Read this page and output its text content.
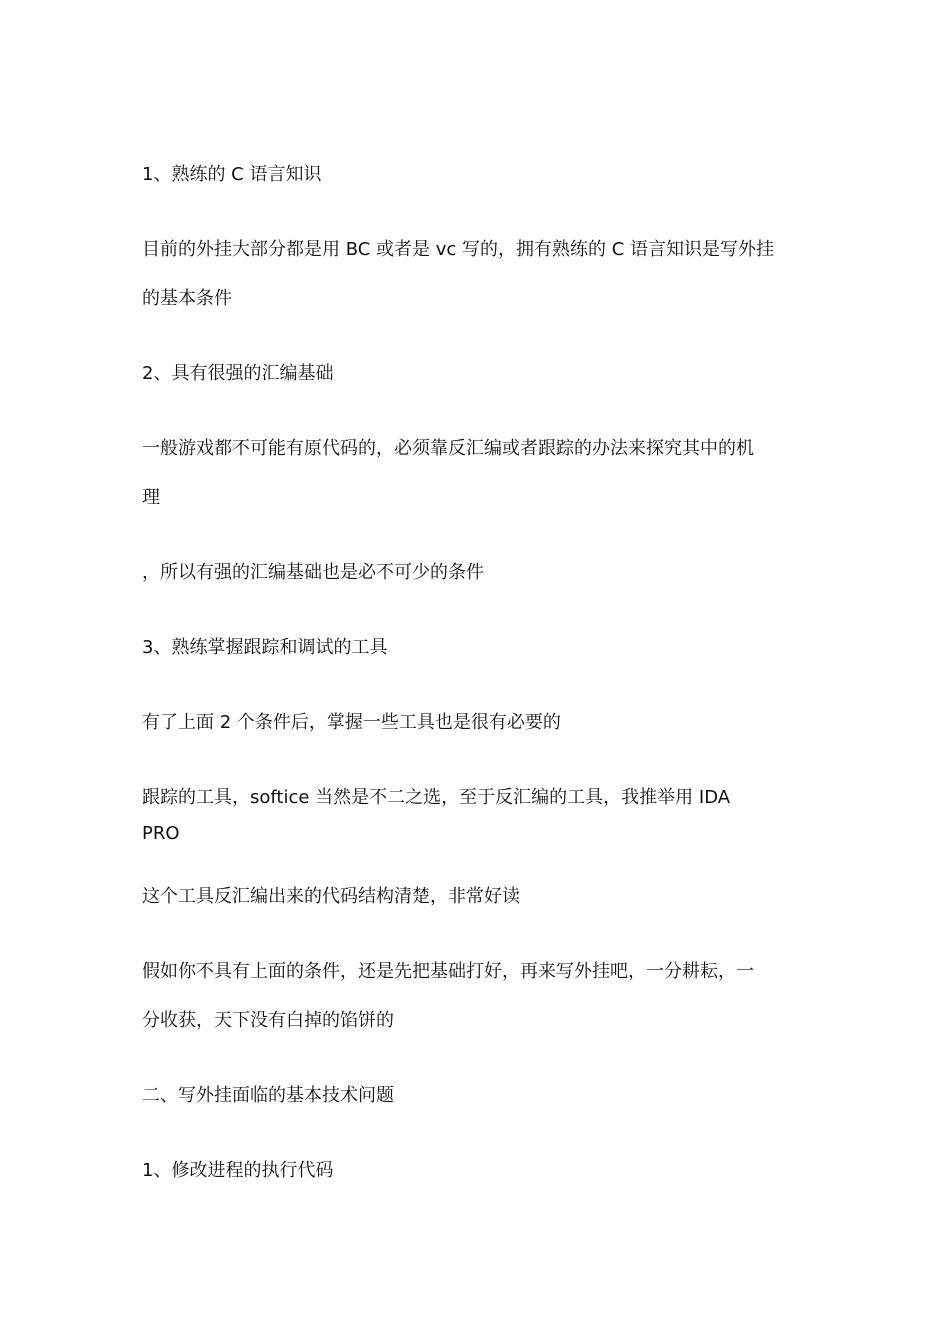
1、熟练的 C 语言知识

目前的外挂大部分都是用 BC 或者是 vc 写的，拥有熟练的 C 语言知识是写外挂

的基本条件

2、具有很强的汇编基础

一般游戏都不可能有原代码的，必须靠反汇编或者跟踪的办法来探究其中的机

理

，所以有强的汇编基础也是必不可少的条件

3、熟练掌握跟踪和调试的工具

有了上面 2 个条件后，掌握一些工具也是很有必要的

跟踪的工具，softice 当然是不二之选，至于反汇编的工具，我推举用 IDA

PRO

这个工具反汇编出来的代码结构清楚，非常好读

假如你不具有上面的条件，还是先把基础打好，再来写外挂吧，一分耕耘，一

分收获，天下没有白掉的馅饼的

二、写外挂面临的基本技术问题

1、修改进程的执行代码
